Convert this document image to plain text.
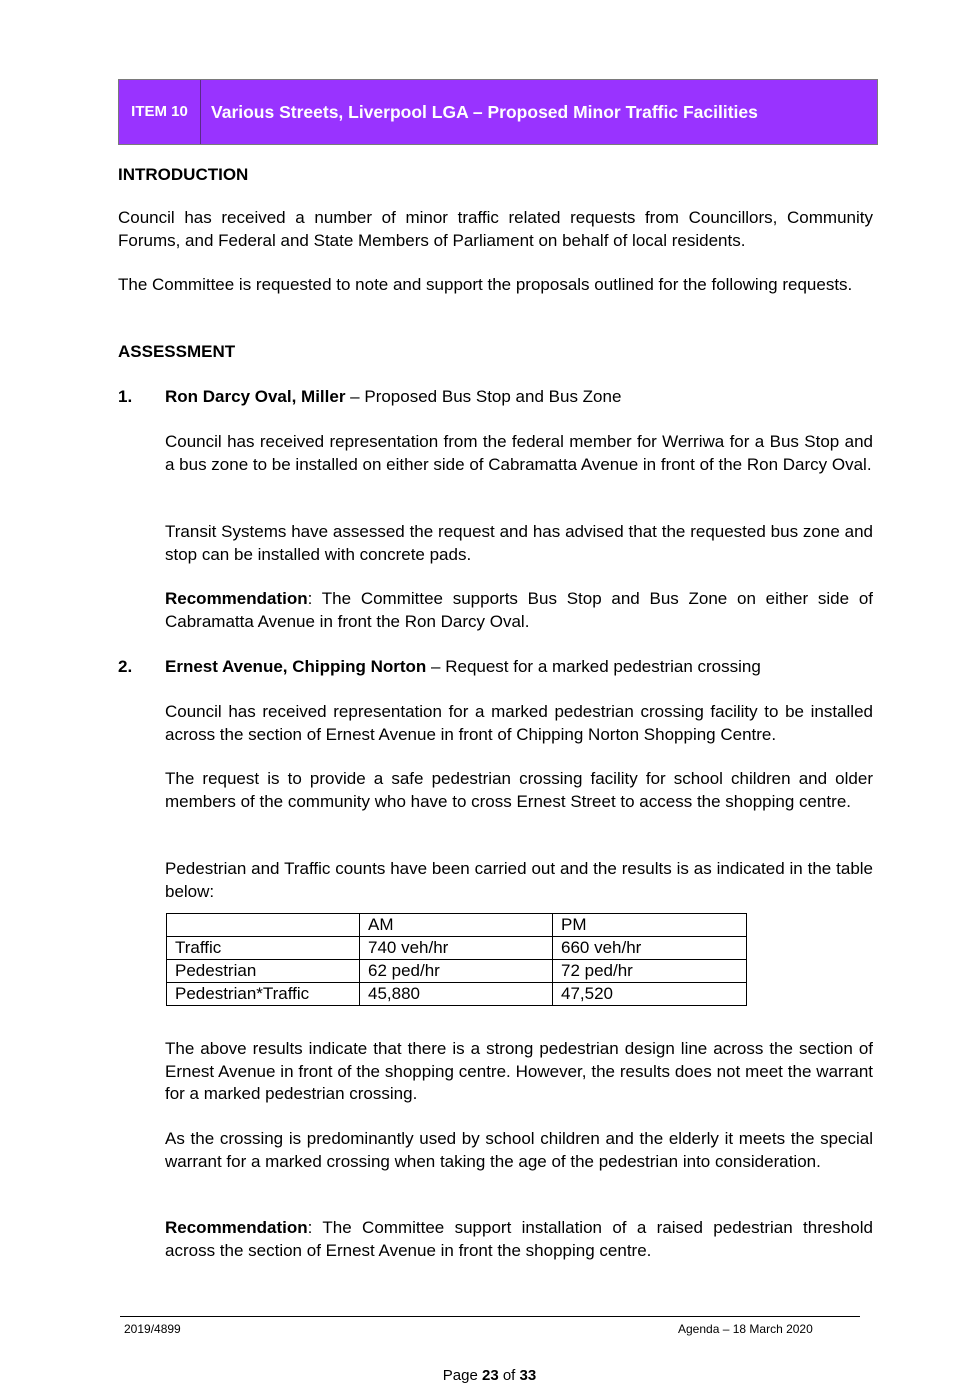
ITEM 10	Various Streets, Liverpool LGA – Proposed Minor Traffic Facilities

INTRODUCTION

Council has received a number of minor traffic related requests from Councillors, Community Forums, and Federal and State Members of Parliament on behalf of local residents.

The Committee is requested to note and support the proposals outlined for the following requests.

ASSESSMENT

1. Ron Darcy Oval, Miller – Proposed Bus Stop and Bus Zone

Council has received representation from the federal member for Werriwa for a Bus Stop and a bus zone to be installed on either side of Cabramatta Avenue in front of the Ron Darcy Oval.

Transit Systems have assessed the request and has advised that the requested bus zone and stop can be installed with concrete pads.

Recommendation: The Committee supports Bus Stop and Bus Zone on either side of Cabramatta Avenue in front the Ron Darcy Oval.

2. Ernest Avenue, Chipping Norton – Request for a marked pedestrian crossing

Council has received representation for a marked pedestrian crossing facility to be installed across the section of Ernest Avenue in front of Chipping Norton Shopping Centre.

The request is to provide a safe pedestrian crossing facility for school children and older members of the community who have to cross Ernest Street to access the shopping centre.

Pedestrian and Traffic counts have been carried out and the results is as indicated in the table below:

	AM	PM
Traffic	740 veh/hr	660 veh/hr
Pedestrian	62 ped/hr	72 ped/hr
Pedestrian*Traffic	45,880	47,520

The above results indicate that there is a strong pedestrian design line across the section of Ernest Avenue in front of the shopping centre. However, the results does not meet the warrant for a marked pedestrian crossing.

As the crossing is predominantly used by school children and the elderly it meets the special warrant for a marked crossing when taking the age of the pedestrian into consideration.

Recommendation: The Committee support installation of a raised pedestrian threshold across the section of Ernest Avenue in front the shopping centre.

2019/4899	Agenda – 18 March 2020
Page 23 of 33
